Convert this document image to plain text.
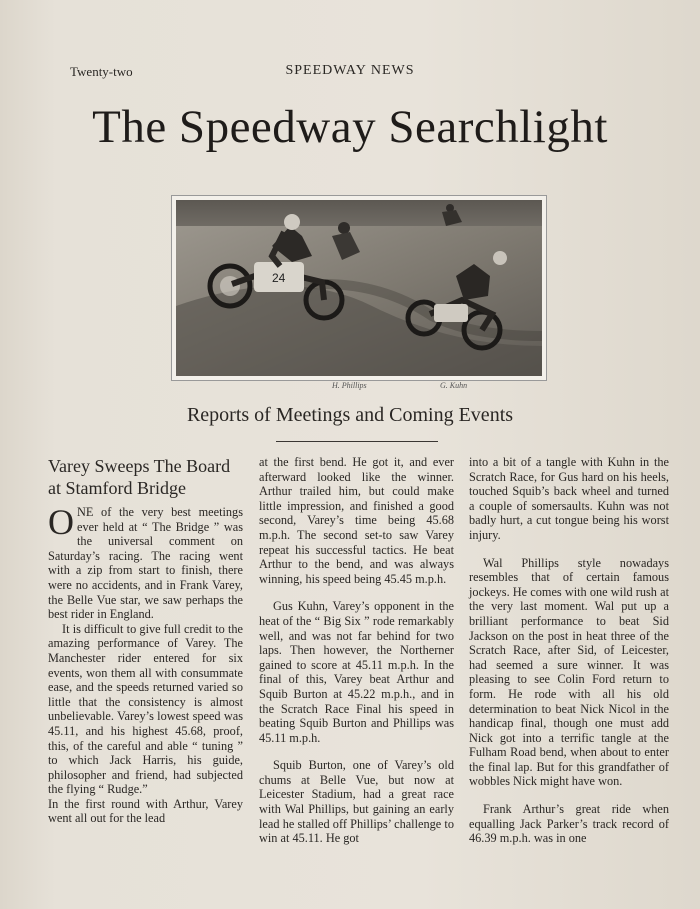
Twenty-two	SPEEDWAY NEWS
The Speedway Searchlight
24
H. Phillips	G. Kuhn
Reports of Meetings and Coming Events
Varey Sweeps The Board at Stamford Bridge

ONE of the very best meetings ever held at “ The Bridge ” was the universal comment on Saturday’s racing. The racing went with a zip from start to finish, there were no accidents, and in Frank Varey, the Belle Vue star, we saw perhaps the best rider in England.

It is difficult to give full credit to the amazing performance of Varey. The Manchester rider entered for six events, won them all with consummate ease, and the speeds returned varied so little that the consistency is almost unbelievable. Varey’s lowest speed was 45.11, and his highest 45.68, proof, this, of the careful and able “ tuning ” to which Jack Harris, his guide, philosopher and friend, had subjected the flying “ Rudge.”

In the first round with Arthur, Varey went all out for the lead

at the first bend. He got it, and ever afterward looked like the winner. Arthur trailed him, but could make little impression, and finished a good second, Varey’s time being 45.68 m.p.h. The second set-to saw Varey repeat his successful tactics. He beat Arthur to the bend, and was always winning, his speed being 45.45 m.p.h.

Gus Kuhn, Varey’s opponent in the heat of the “ Big Six ” rode remarkably well, and was not far behind for two laps. Then however, the Northerner gained to score at 45.11 m.p.h. In the final of this, Varey beat Arthur and Squib Burton at 45.22 m.p.h., and in the Scratch Race Final his speed in beating Squib Burton and Phillips was 45.11 m.p.h.

Squib Burton, one of Varey’s old chums at Belle Vue, but now at Leicester Stadium, had a great race with Wal Phillips, but gaining an early lead he stalled off Phillips’ challenge to win at 45.11. He got

into a bit of a tangle with Kuhn in the Scratch Race, for Gus hard on his heels, touched Squib’s back wheel and turned a couple of somersaults. Kuhn was not badly hurt, a cut tongue being his worst injury.

Wal Phillips style nowadays resembles that of certain famous jockeys. He comes with one wild rush at the very last moment. Wal put up a brilliant performance to beat Sid Jackson on the post in heat three of the Scratch Race, after Sid, of Leicester, had seemed a sure winner. It was pleasing to see Colin Ford return to form. He rode with all his old determination to beat Nick Nicol in the handicap final, though one must add Nick got into a terrific tangle at the Fulham Road bend, when about to enter the final lap. But for this grandfather of wobbles Nick might have won.

Frank Arthur’s great ride when equalling Jack Parker’s track record of 46.39 m.p.h. was in one
